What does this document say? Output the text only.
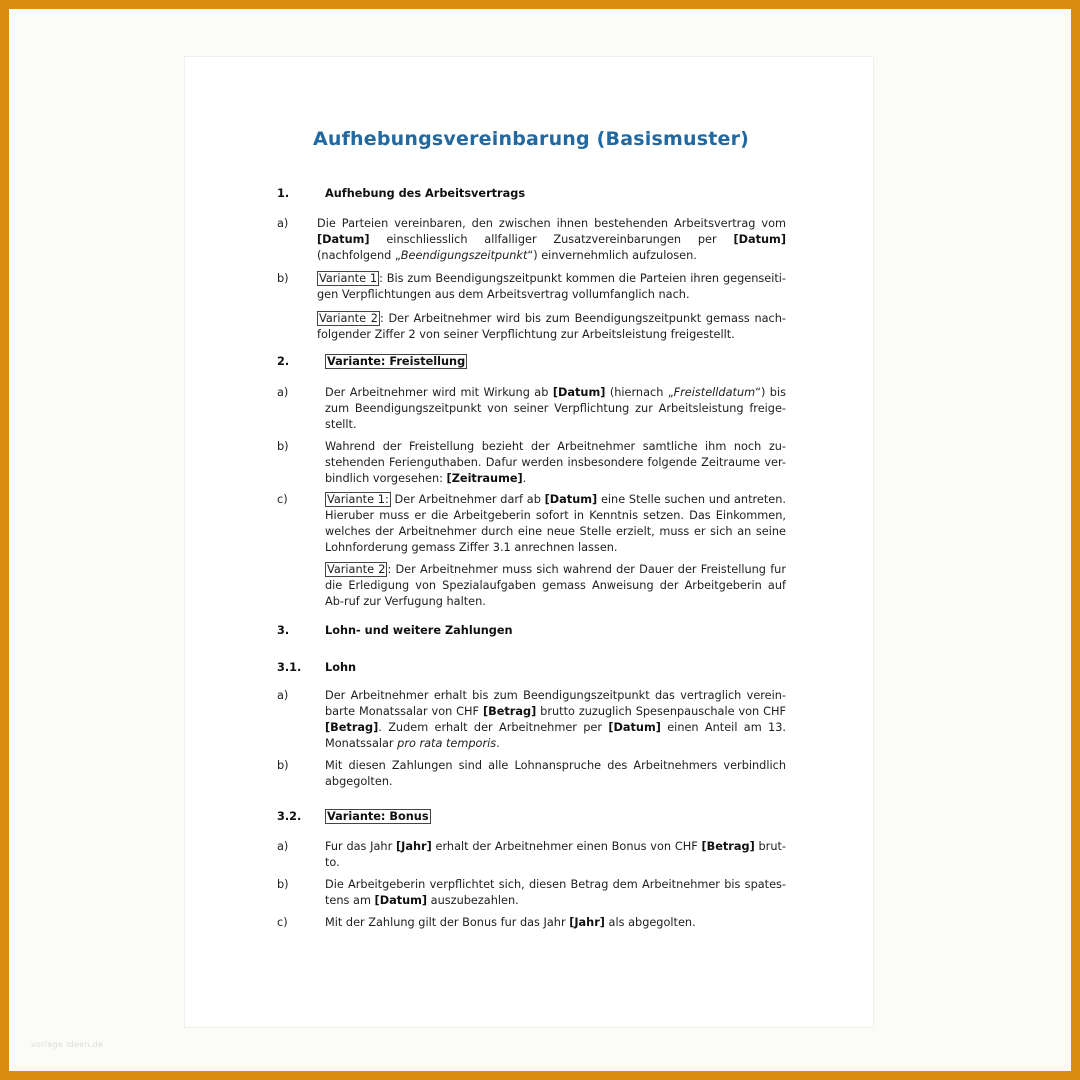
vorlage ideen.de
Aufhebungsvereinbarung (Basismuster)
1.	Aufhebung des Arbeitsvertrags
a)	Die Parteien vereinbaren, den zwischen ihnen bestehenden Arbeitsvertrag vom [Datum] einschliesslich allfalliger Zusatzvereinbarungen per [Datum] (nachfolgend „Beendigungszeitpunkt“) einvernehmlich aufzulosen.
b)	Variante 1 : Bis zum Beendigungszeitpunkt kommen die Parteien ihren gegenseiti-gen Verpflichtungen aus dem Arbeitsvertrag vollumfanglich nach.
Variante 2 : Der Arbeitnehmer wird bis zum Beendigungszeitpunkt gemass nach-folgender Ziffer 2 von seiner Verpflichtung zur Arbeitsleistung freigestellt.
2.	Variante: Freistellung
a)	Der Arbeitnehmer wird mit Wirkung ab [Datum] (hiernach „Freistelldatum“) bis zum Beendigungszeitpunkt von seiner Verpflichtung zur Arbeitsleistung freige-stellt.
b)	Wahrend der Freistellung bezieht der Arbeitnehmer samtliche ihm noch zu-stehenden Ferienguthaben. Dafur werden insbesondere folgende Zeitraume ver-bindlich vorgesehen: [Zeitraume].
c)	Variante 1: Der Arbeitnehmer darf ab [Datum] eine Stelle suchen und antreten. Hieruber muss er die Arbeitgeberin sofort in Kenntnis setzen. Das Einkommen, welches der Arbeitnehmer durch eine neue Stelle erzielt, muss er sich an seine Lohnforderung gemass Ziffer 3.1 anrechnen lassen.
Variante 2 : Der Arbeitnehmer muss sich wahrend der Dauer der Freistellung fur die Erledigung von Spezialaufgaben gemass Anweisung der Arbeitgeberin auf Ab-ruf zur Verfugung halten.
3.	Lohn- und weitere Zahlungen
3.1. Lohn
a)	Der Arbeitnehmer erhalt bis zum Beendigungszeitpunkt das vertraglich verein-barte Monatssalar von CHF [Betrag] brutto zuzuglich Spesenpauschale von CHF [Betrag]. Zudem erhalt der Arbeitnehmer per [Datum] einen Anteil am 13. Monatssalar pro rata temporis.
b)	Mit diesen Zahlungen sind alle Lohnanspruche des Arbeitnehmers verbindlich abgegolten.
3.2. Variante: Bonus
a)	Fur das Jahr [Jahr] erhalt der Arbeitnehmer einen Bonus von CHF [Betrag] brut-to.
b)	Die Arbeitgeberin verpflichtet sich, diesen Betrag dem Arbeitnehmer bis spates-tens am [Datum] auszubezahlen.
c)	Mit der Zahlung gilt der Bonus fur das Jahr [Jahr] als abgegolten.
